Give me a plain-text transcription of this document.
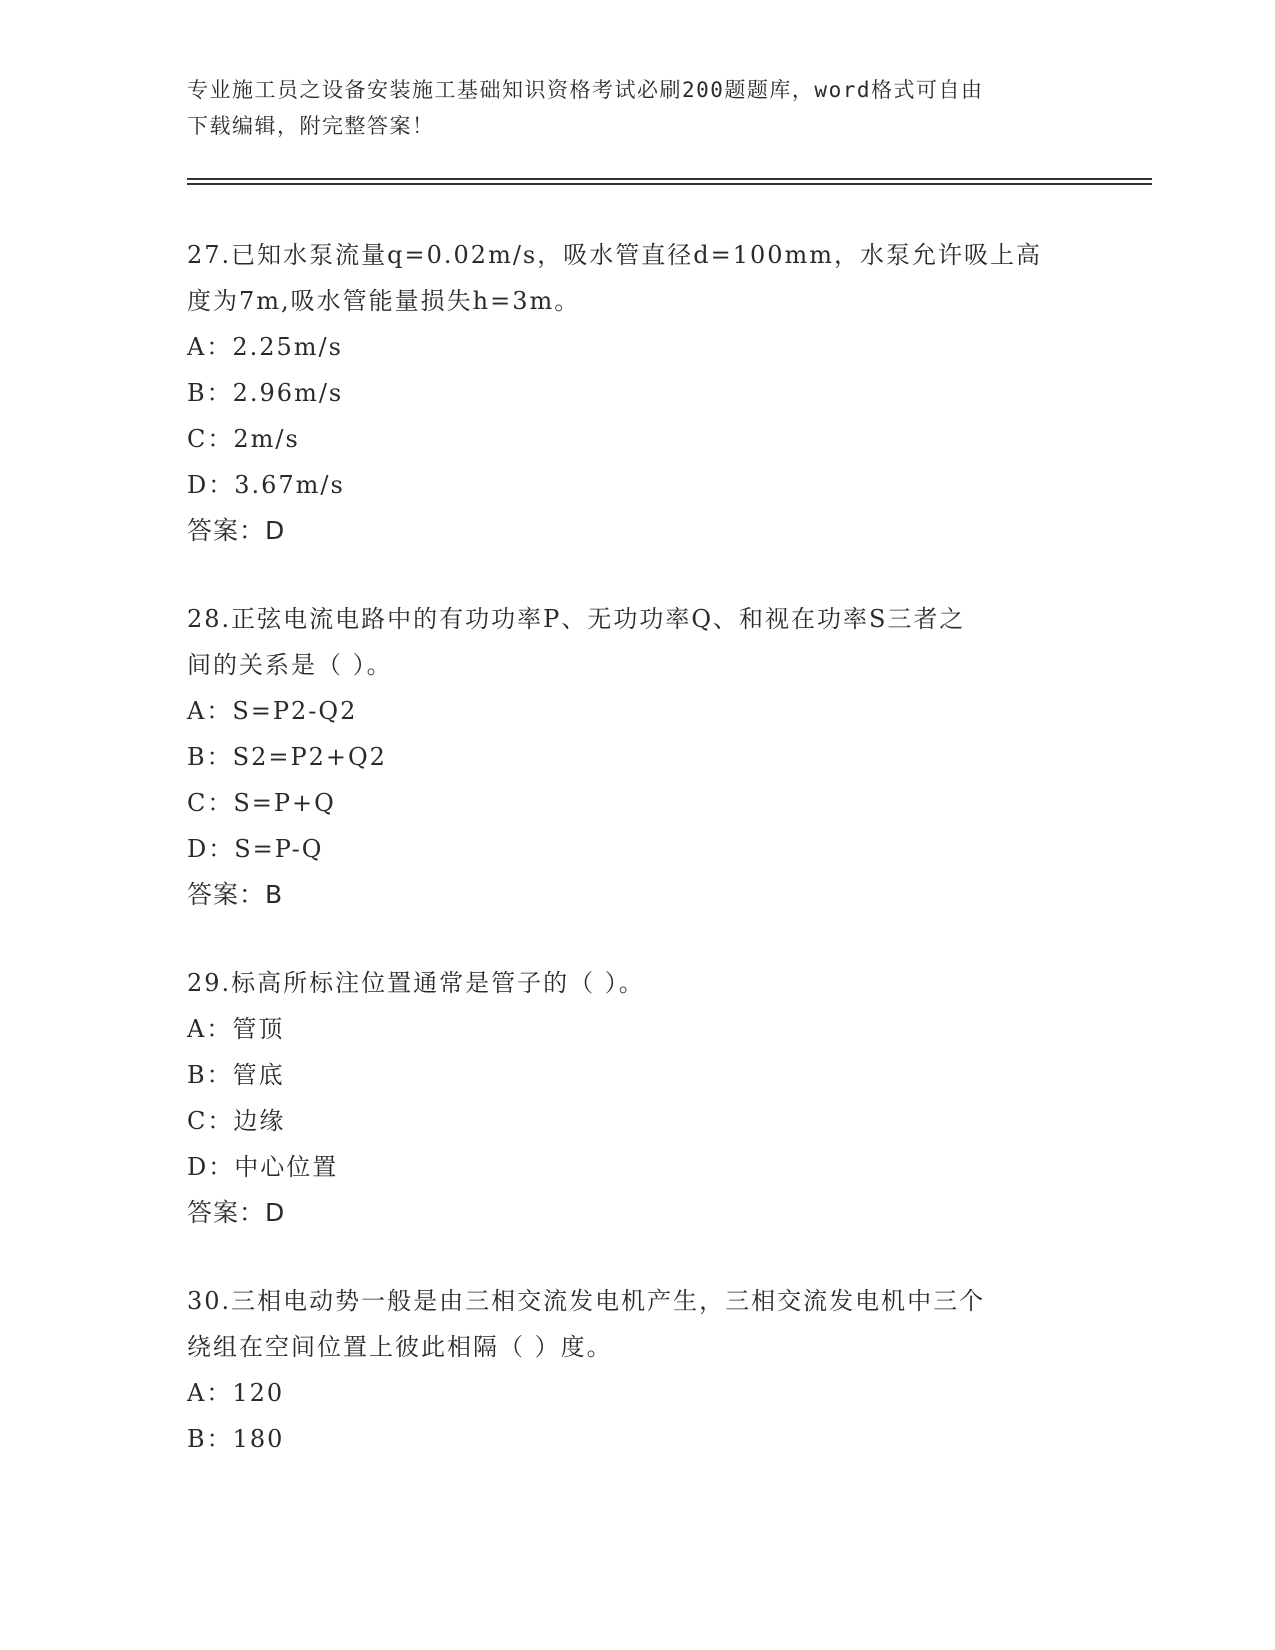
专业施工员之设备安装施工基础知识资格考试必刷200题题库，word格式可自由
下载编辑，附完整答案！
27.已知水泵流量q=0.02m/s，吸水管直径d=100mm，水泵允许吸上高
度为7m,吸水管能量损失h=3m。
A：2.25m/s
B：2.96m/s
C：2m/s
D：3.67m/s
答案：D
28.正弦电流电路中的有功功率P、无功功率Q、和视在功率S三者之
间的关系是（ ）。
A：S=P2-Q2
B：S2=P2+Q2
C：S=P+Q
D：S=P-Q
答案：B
29.标高所标注位置通常是管子的（ ）。
A：管顶
B：管底
C：边缘
D：中心位置
答案：D
30.三相电动势一般是由三相交流发电机产生，三相交流发电机中三个
绕组在空间位置上彼此相隔（ ）度。
A：120
B：180
